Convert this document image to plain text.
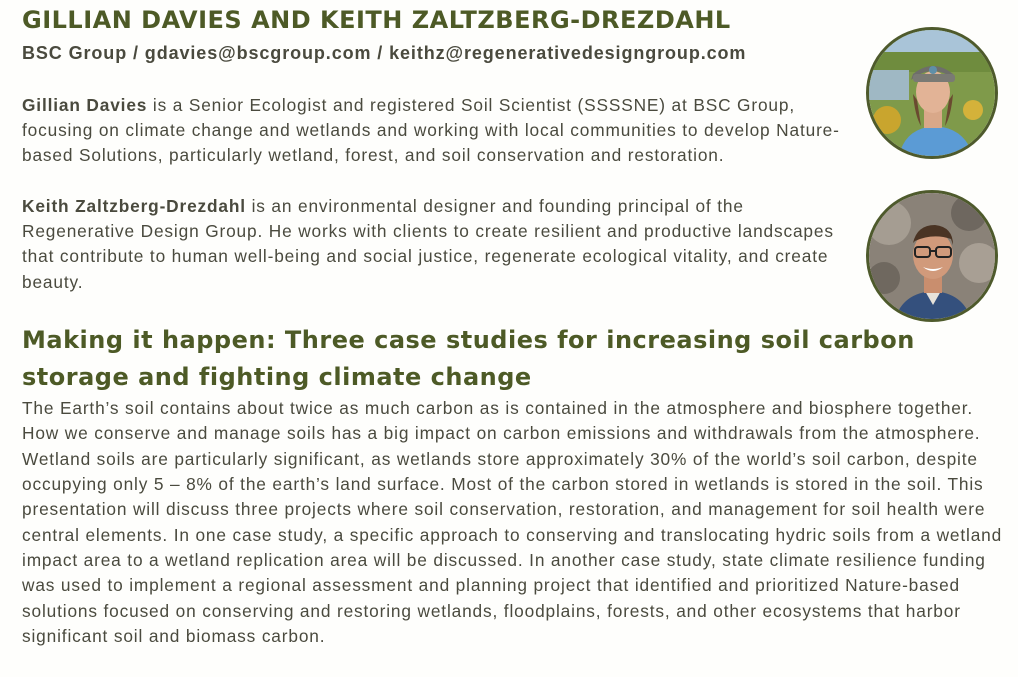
GILLIAN DAVIES AND KEITH ZALTZBERG-DREZDAHL

BSC Group / gdavies@bscgroup.com / keithz@regenerativedesigngroup.com

Gillian Davies is a Senior Ecologist and registered Soil Scientist (SSSSNE) at BSC Group, focusing on climate change and wetlands and working with local communities to develop Nature-based Solutions, particularly wetland, forest, and soil conservation and restoration.

Keith Zaltzberg-Drezdahl is an environmental designer and founding principal of the Regenerative Design Group. He works with clients to create resilient and productive landscapes that contribute to human well-being and social justice, regenerate ecological vitality, and create beauty.

Making it happen: Three case studies for increasing soil carbon storage and fighting climate change

The Earth’s soil contains about twice as much carbon as is contained in the atmosphere and biosphere together. How we conserve and manage soils has a big impact on carbon emissions and withdrawals from the atmosphere. Wetland soils are particularly significant, as wetlands store approximately 30% of the world’s soil carbon, despite occupying only 5 – 8% of the earth’s land surface. Most of the carbon stored in wetlands is stored in the soil. This presentation will discuss three projects where soil conservation, restoration, and management for soil health were central elements. In one case study, a specific approach to conserving and translocating hydric soils from a wetland impact area to a wetland replication area will be discussed. In another case study, state climate resilience funding was used to implement a regional assessment and planning project that identified and prioritized Nature-based solutions focused on conserving and restoring wetlands, floodplains, forests, and other ecosystems that harbor significant soil and biomass carbon.
